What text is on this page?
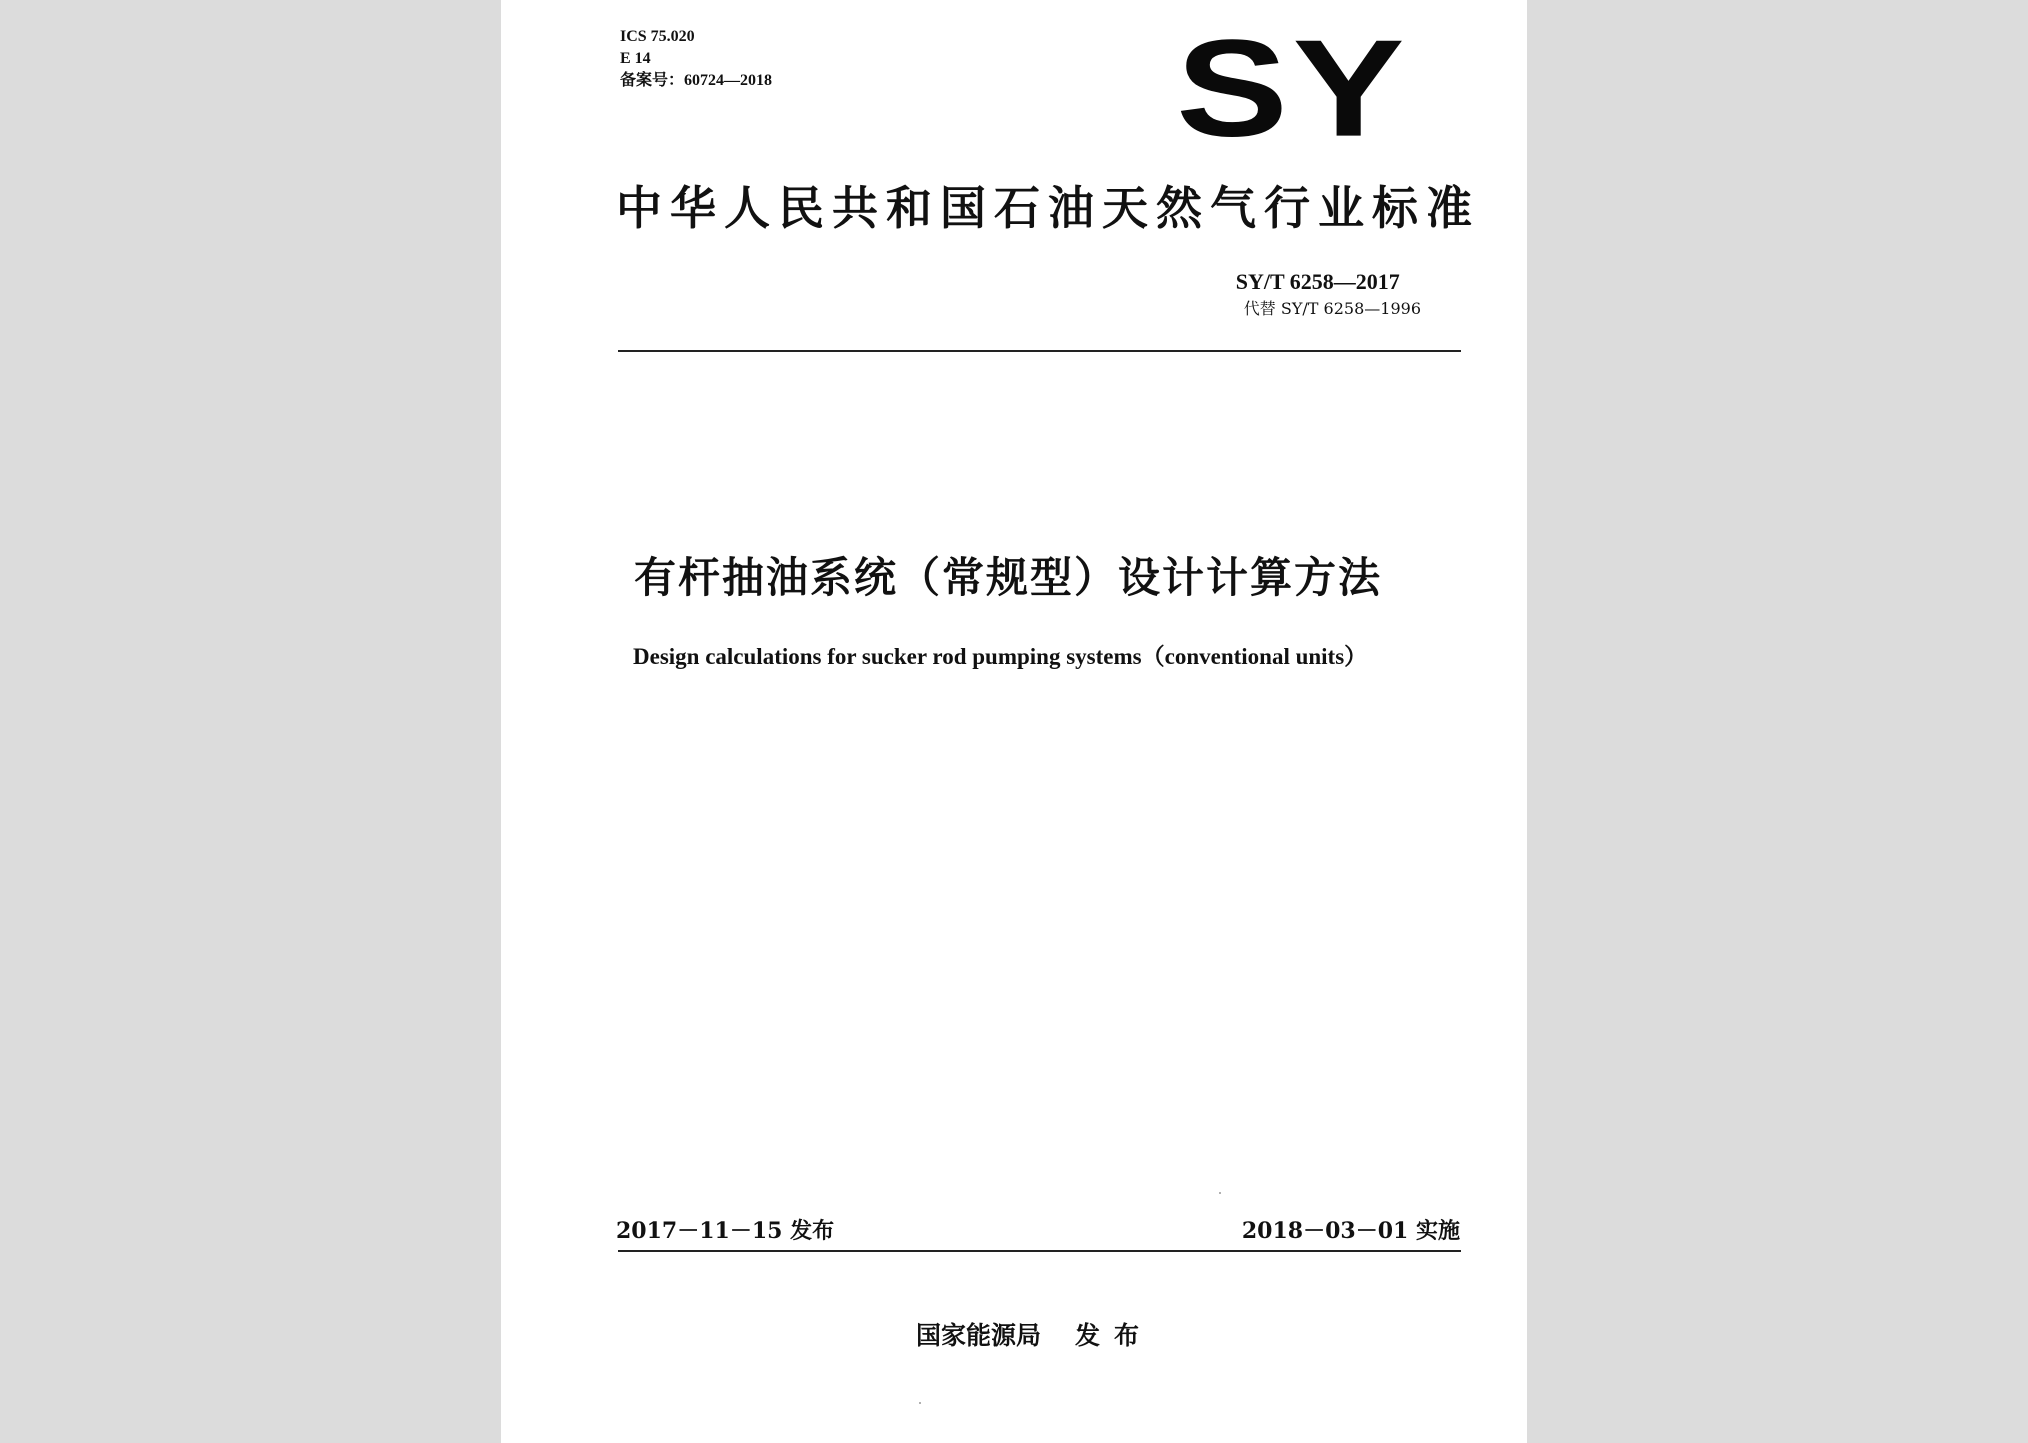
ICS 75.020
E 14
备案号：60724—2018	SY
中华人民共和国石油天然气行业标准
SY/T 6258—2017
代替 SY/T 6258—1996
有杆抽油系统（常规型）设计计算方法
Design calculations for sucker rod pumping systems（conventional units）
2017－11－15 发布	2018－03－01 实施
国家能源局 发布
